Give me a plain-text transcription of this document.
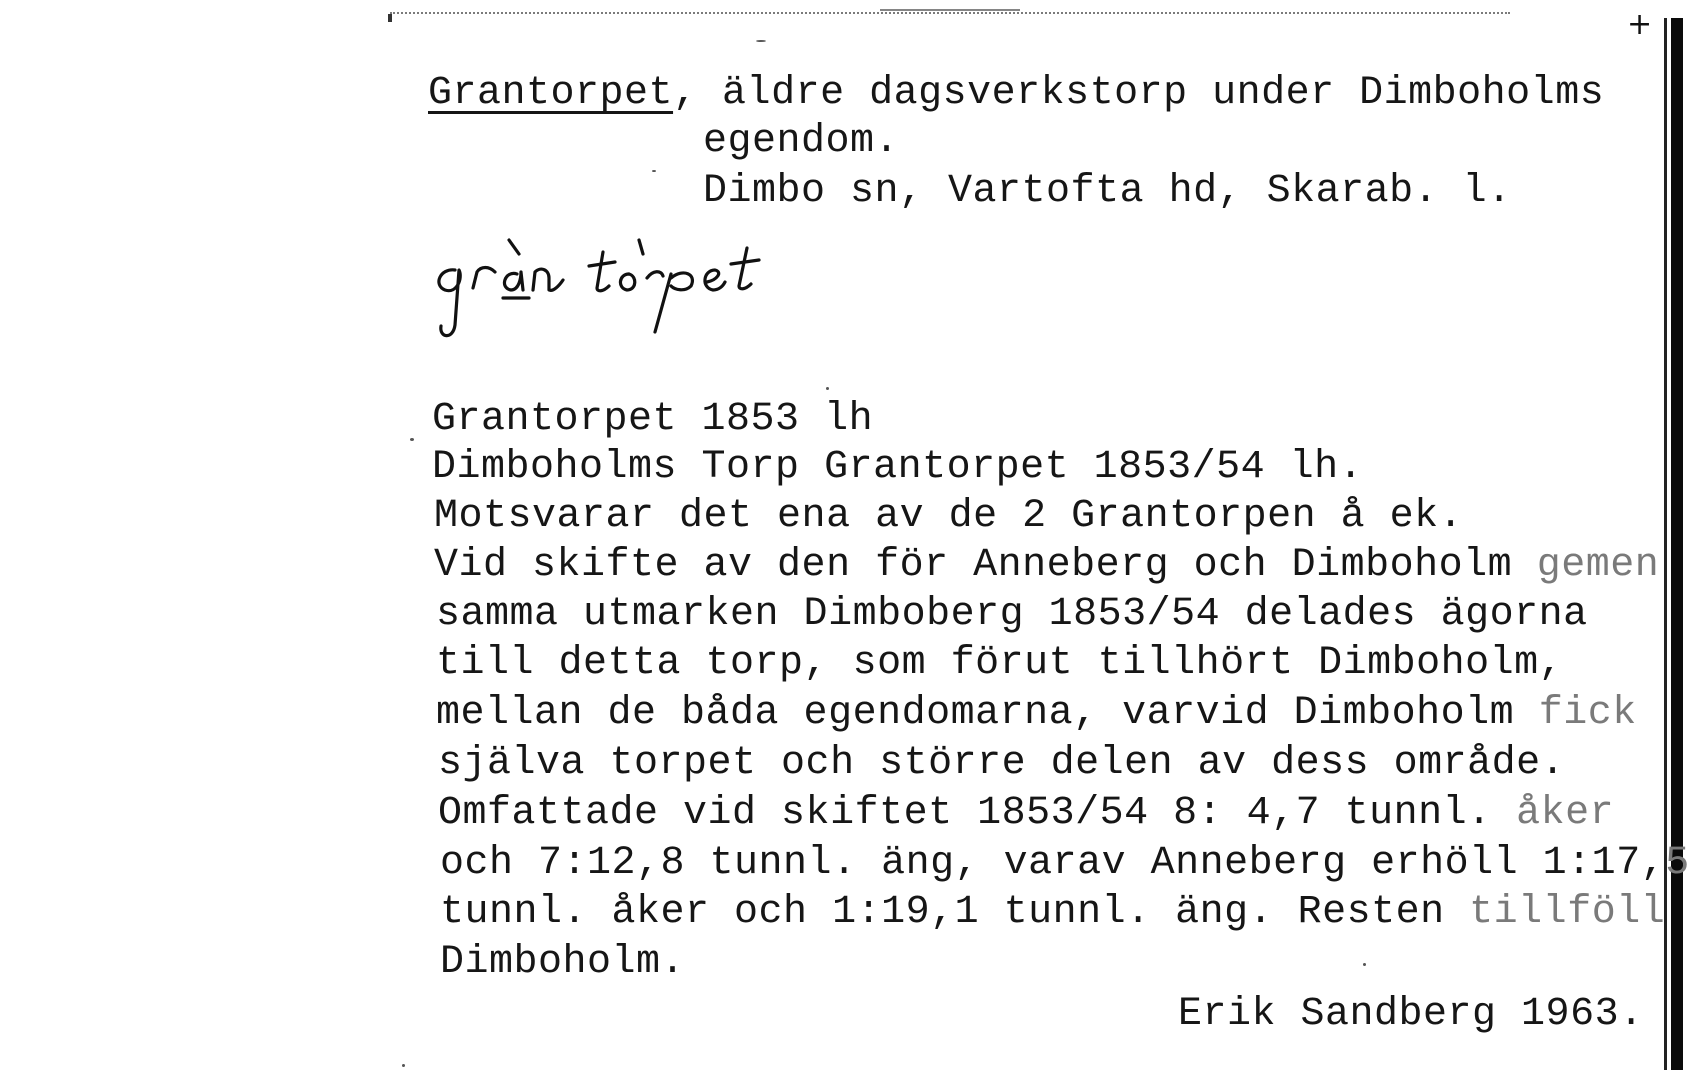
+
Grantorpet, äldre dagsverkstorp under Dimboholms
egendom.
Dimbo sn, Vartofta hd, Skarab. l.
Grantorpet 1853 lh
Dimboholms Torp Grantorpet 1853/54 lh.
Motsvarar det ena av de 2 Grantorpen å ek.
Vid skifte av den för Anneberg och Dimboholm gemen
samma utmarken Dimboberg 1853/54 delades ägorna
till detta torp, som förut tillhört Dimboholm,
mellan de båda egendomarna, varvid Dimboholm fick
själva torpet och större delen av dess område.
Omfattade vid skiftet 1853/54 8: 4,7 tunnl. åker
och 7:12,8 tunnl. äng, varav Anneberg erhöll 1:17,5
tunnl. åker och 1:19,1 tunnl. äng. Resten tillföll
Dimboholm.
Erik Sandberg 1963.
